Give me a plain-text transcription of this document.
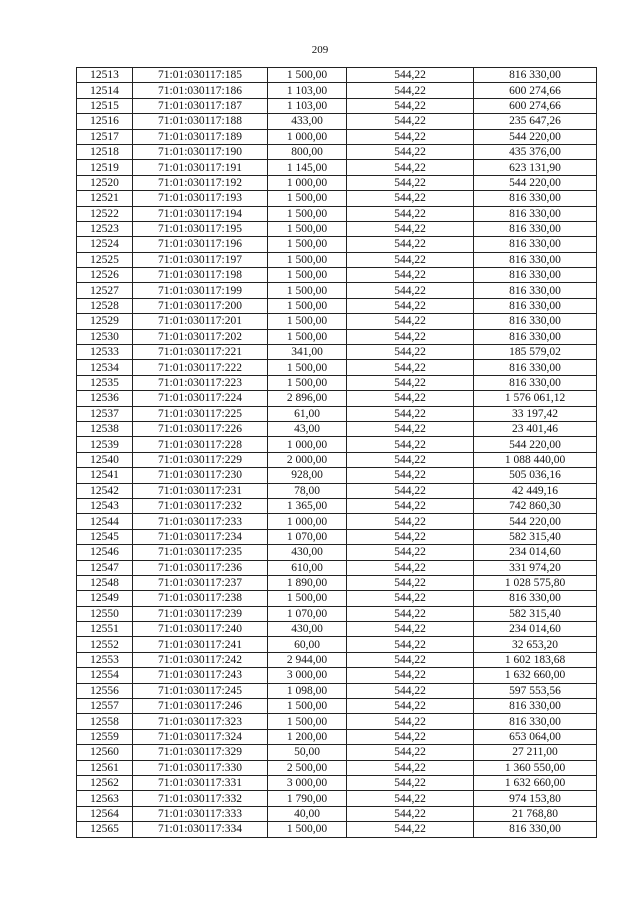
209
12513	71:01:030117:185	1 500,00	544,22	816 330,00
12514	71:01:030117:186	1 103,00	544,22	600 274,66
12515	71:01:030117:187	1 103,00	544,22	600 274,66
12516	71:01:030117:188	433,00	544,22	235 647,26
12517	71:01:030117:189	1 000,00	544,22	544 220,00
12518	71:01:030117:190	800,00	544,22	435 376,00
12519	71:01:030117:191	1 145,00	544,22	623 131,90
12520	71:01:030117:192	1 000,00	544,22	544 220,00
12521	71:01:030117:193	1 500,00	544,22	816 330,00
12522	71:01:030117:194	1 500,00	544,22	816 330,00
12523	71:01:030117:195	1 500,00	544,22	816 330,00
12524	71:01:030117:196	1 500,00	544,22	816 330,00
12525	71:01:030117:197	1 500,00	544,22	816 330,00
12526	71:01:030117:198	1 500,00	544,22	816 330,00
12527	71:01:030117:199	1 500,00	544,22	816 330,00
12528	71:01:030117:200	1 500,00	544,22	816 330,00
12529	71:01:030117:201	1 500,00	544,22	816 330,00
12530	71:01:030117:202	1 500,00	544,22	816 330,00
12533	71:01:030117:221	341,00	544,22	185 579,02
12534	71:01:030117:222	1 500,00	544,22	816 330,00
12535	71:01:030117:223	1 500,00	544,22	816 330,00
12536	71:01:030117:224	2 896,00	544,22	1 576 061,12
12537	71:01:030117:225	61,00	544,22	33 197,42
12538	71:01:030117:226	43,00	544,22	23 401,46
12539	71:01:030117:228	1 000,00	544,22	544 220,00
12540	71:01:030117:229	2 000,00	544,22	1 088 440,00
12541	71:01:030117:230	928,00	544,22	505 036,16
12542	71:01:030117:231	78,00	544,22	42 449,16
12543	71:01:030117:232	1 365,00	544,22	742 860,30
12544	71:01:030117:233	1 000,00	544,22	544 220,00
12545	71:01:030117:234	1 070,00	544,22	582 315,40
12546	71:01:030117:235	430,00	544,22	234 014,60
12547	71:01:030117:236	610,00	544,22	331 974,20
12548	71:01:030117:237	1 890,00	544,22	1 028 575,80
12549	71:01:030117:238	1 500,00	544,22	816 330,00
12550	71:01:030117:239	1 070,00	544,22	582 315,40
12551	71:01:030117:240	430,00	544,22	234 014,60
12552	71:01:030117:241	60,00	544,22	32 653,20
12553	71:01:030117:242	2 944,00	544,22	1 602 183,68
12554	71:01:030117:243	3 000,00	544,22	1 632 660,00
12556	71:01:030117:245	1 098,00	544,22	597 553,56
12557	71:01:030117:246	1 500,00	544,22	816 330,00
12558	71:01:030117:323	1 500,00	544,22	816 330,00
12559	71:01:030117:324	1 200,00	544,22	653 064,00
12560	71:01:030117:329	50,00	544,22	27 211,00
12561	71:01:030117:330	2 500,00	544,22	1 360 550,00
12562	71:01:030117:331	3 000,00	544,22	1 632 660,00
12563	71:01:030117:332	1 790,00	544,22	974 153,80
12564	71:01:030117:333	40,00	544,22	21 768,80
12565	71:01:030117:334	1 500,00	544,22	816 330,00
